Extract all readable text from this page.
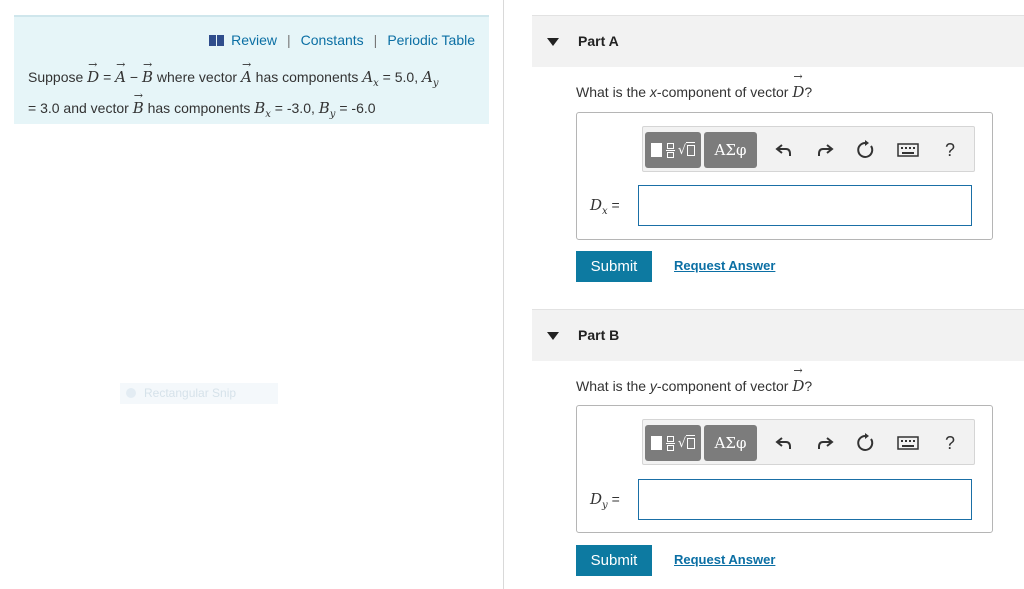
Review | Constants | Periodic Table
Suppose → D = → A − → B where vector → A has components $A_x = 5.0$, $A_y$
= 3.0 and vector → B has components $B_x = -3.0$, $B_y = -6.0$
Rectangular Snip
Part A
What is the x-component of vector → D?
√	ΑΣφ	?
$D_x$ =
Submit	Request Answer
Part B
What is the y-component of vector → D?
√	ΑΣφ	?
$D_y$ =
Submit	Request Answer
